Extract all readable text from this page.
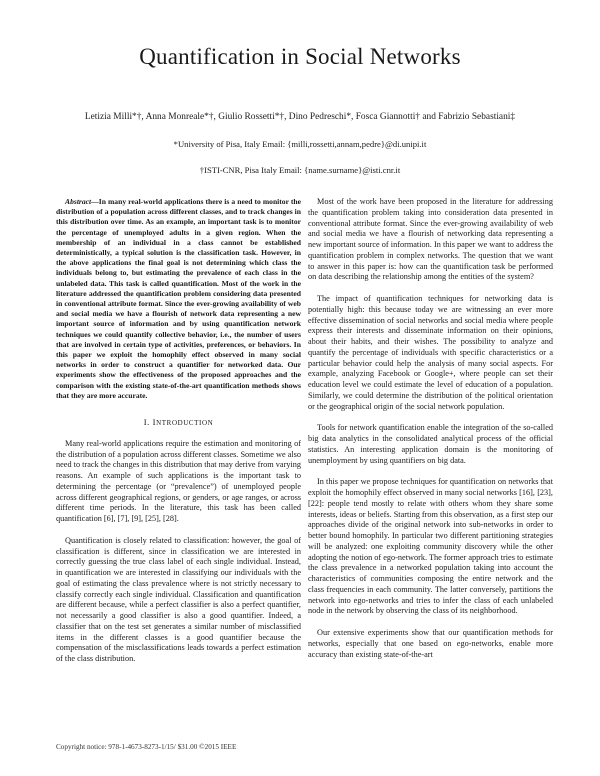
Quantification in Social Networks
Letizia Milli*†, Anna Monreale*†, Giulio Rossetti*†, Dino Pedreschi*, Fosca Giannotti† and Fabrizio Sebastiani‡
*University of Pisa, Italy Email: {milli,rossetti,annam,pedre}@di.unipi.it
†ISTI-CNR, Pisa Italy Email: {name.surname}@isti.cnr.it

Abstract—In many real-world applications there is a need to monitor the distribution of a population across different classes, and to track changes in this distribution over time. As an example, an important task is to monitor the percentage of unemployed adults in a given region. When the membership of an individual in a class cannot be established deterministically, a typical solution is the classification task. However, in the above applications the final goal is not determining which class the individuals belong to, but estimating the prevalence of each class in the unlabeled data. This task is called quantification. Most of the work in the literature addressed the quantification problem considering data presented in conventional attribute format. Since the ever-growing availability of web and social media we have a flourish of network data representing a new important source of information and by using quantification network techniques we could quantify collective behavior, i.e., the number of users that are involved in certain type of activities, preferences, or behaviors. In this paper we exploit the homophily effect observed in many social networks in order to construct a quantifier for networked data. Our experiments show the effectiveness of the proposed approaches and the comparison with the existing state-of-the-art quantification methods shows that they are more accurate.

I. INTRODUCTION

Many real-world applications require the estimation and monitoring of the distribution of a population across different classes. Sometime we also need to track the changes in this distribution that may derive from varying reasons. An example of such applications is the important task to determining the percentage (or “prevalence”) of unemployed people across different geographical regions, or genders, or age ranges, or across different time periods. In the literature, this task has been called quantification [6], [7], [9], [25], [28].

Quantification is closely related to classification: however, the goal of classification is different, since in classification we are interested in correctly guessing the true class label of each single individual. Instead, in quantification we are interested in classifying our individuals with the goal of estimating the class prevalence where is not strictly necessary to classify correctly each single individual. Classification and quantification are different because, while a perfect classifier is also a perfect quantifier, not necessarily a good classifier is also a good quantifier. Indeed, a classifier that on the test set generates a similar number of misclassified items in the different classes is a good quantifier because the compensation of the misclassifications leads towards a perfect estimation of the class distribution.

Most of the work have been proposed in the literature for addressing the quantification problem taking into consideration data presented in conventional attribute format. Since the ever-growing availability of web and social media we have a flourish of networking data representing a new important source of information. In this paper we want to address the quantification problem in complex networks. The question that we want to answer in this paper is: how can the quantification task be performed on data describing the relationship among the entities of the system?

The impact of quantification techniques for networking data is potentially high: this because today we are witnessing an ever more effective dissemination of social networks and social media where people express their interests and disseminate information on their opinions, about their habits, and their wishes. The possibility to analyze and quantify the percentage of individuals with specific characteristics or a particular behavior could help the analysis of many social aspects. For example, analyzing Facebook or Google+, where people can set their education level we could estimate the level of education of a population. Similarly, we could determine the distribution of the political orientation or the geographical origin of the social network population.

Tools for network quantification enable the integration of the so-called big data analytics in the consolidated analytical process of the official statistics. An interesting application domain is the monitoring of unemployment by using quantifiers on big data.

In this paper we propose techniques for quantification on networks that exploit the homophily effect observed in many social networks [16], [23], [22]: people tend mostly to relate with others whom they share some interests, ideas or beliefs. Starting from this observation, as a first step our approaches divide of the original network into sub-networks in order to better bound homophily. In particular two different partitioning strategies will be analyzed: one exploiting community discovery while the other adopting the notion of ego-network. The former approach tries to estimate the class prevalence in a networked population taking into account the characteristics of communities composing the entire network and the class frequencies in each community. The latter conversely, partitions the network into ego-networks and tries to infer the class of each unlabeled node in the network by observing the class of its neighborhood.

Our extensive experiments show that our quantification methods for networks, especially that one based on ego-networks, enable more accuracy than existing state-of-the-art

Copyright notice: 978-1-4673-8273-1/15/ $31.00 ©2015 IEEE
